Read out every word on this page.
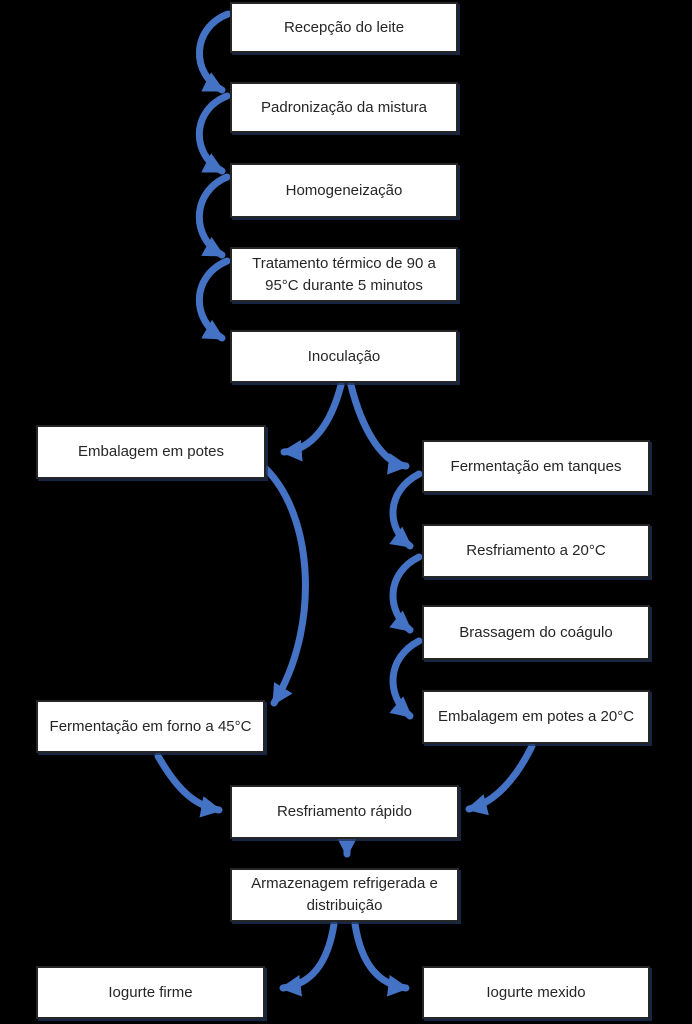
Recepção do leite
Padronização da mistura
Homogeneização
Tratamento térmico de 90 a 95°C durante 5 minutos
Inoculação
Embalagem em potes
Fermentação em tanques
Resfriamento a 20°C
Brassagem do coágulo
Embalagem em potes a 20°C
Fermentação em forno a 45°C
Resfriamento rápido
Armazenagem refrigerada e distribuição
Iogurte firme	Iogurte mexido
